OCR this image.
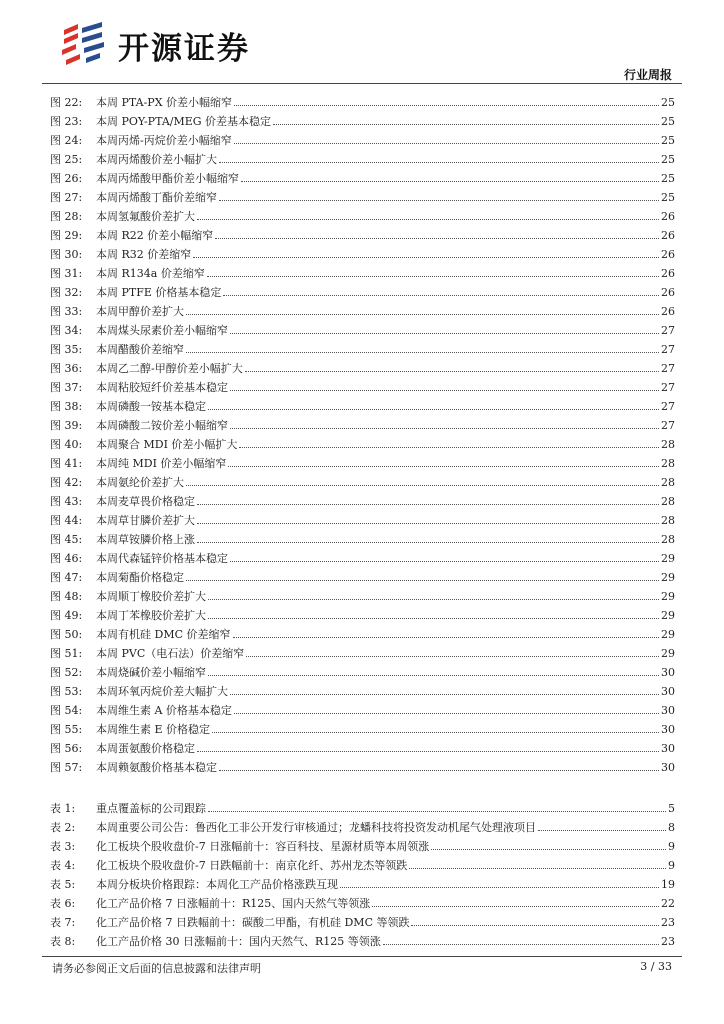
开源证券
行业周报
图 22:	本周 PTA-PX 价差小幅缩窄	25
图 23:	本周 POY-PTA/MEG 价差基本稳定	25
图 24:	本周丙烯-丙烷价差小幅缩窄	25
图 25:	本周丙烯酸价差小幅扩大	25
图 26:	本周丙烯酸甲酯价差小幅缩窄	25
图 27:	本周丙烯酸丁酯价差缩窄	25
图 28:	本周氢氟酸价差扩大	26
图 29:	本周 R22 价差小幅缩窄	26
图 30:	本周 R32 价差缩窄	26
图 31:	本周 R134a 价差缩窄	26
图 32:	本周 PTFE 价格基本稳定	26
图 33:	本周甲醇价差扩大	26
图 34:	本周煤头尿素价差小幅缩窄	27
图 35:	本周醋酸价差缩窄	27
图 36:	本周乙二醇-甲醇价差小幅扩大	27
图 37:	本周粘胶短纤价差基本稳定	27
图 38:	本周磷酸一铵基本稳定	27
图 39:	本周磷酸二铵价差小幅缩窄	27
图 40:	本周聚合 MDI 价差小幅扩大	28
图 41:	本周纯 MDI 价差小幅缩窄	28
图 42:	本周氨纶价差扩大	28
图 43:	本周麦草畏价格稳定	28
图 44:	本周草甘膦价差扩大	28
图 45:	本周草铵膦价格上涨	28
图 46:	本周代森锰锌价格基本稳定	29
图 47:	本周菊酯价格稳定	29
图 48:	本周顺丁橡胶价差扩大	29
图 49:	本周丁苯橡胶价差扩大	29
图 50:	本周有机硅 DMC 价差缩窄	29
图 51:	本周 PVC（电石法）价差缩窄	29
图 52:	本周烧碱价差小幅缩窄	30
图 53:	本周环氧丙烷价差大幅扩大	30
图 54:	本周维生素 A 价格基本稳定	30
图 55:	本周维生素 E 价格稳定	30
图 56:	本周蛋氨酸价格稳定	30
图 57:	本周赖氨酸价格基本稳定	30
表 1:	重点覆盖标的公司跟踪	5
表 2:	本周重要公司公告：鲁西化工非公开发行审核通过；龙蟠科技将投资发动机尾气处理液项目	8
表 3:	化工板块个股收盘价-7 日涨幅前十：容百科技、星源材质等本周领涨	9
表 4:	化工板块个股收盘价-7 日跌幅前十：南京化纤、苏州龙杰等领跌	9
表 5:	本周分板块价格跟踪：本周化工产品价格涨跌互现	19
表 6:	化工产品价格 7 日涨幅前十：R125、国内天然气等领涨	22
表 7:	化工产品价格 7 日跌幅前十：碳酸二甲酯，有机硅 DMC 等领跌	23
表 8:	化工产品价格 30 日涨幅前十：国内天然气、R125 等领涨	23
请务必参阅正文后面的信息披露和法律声明	3 / 33
